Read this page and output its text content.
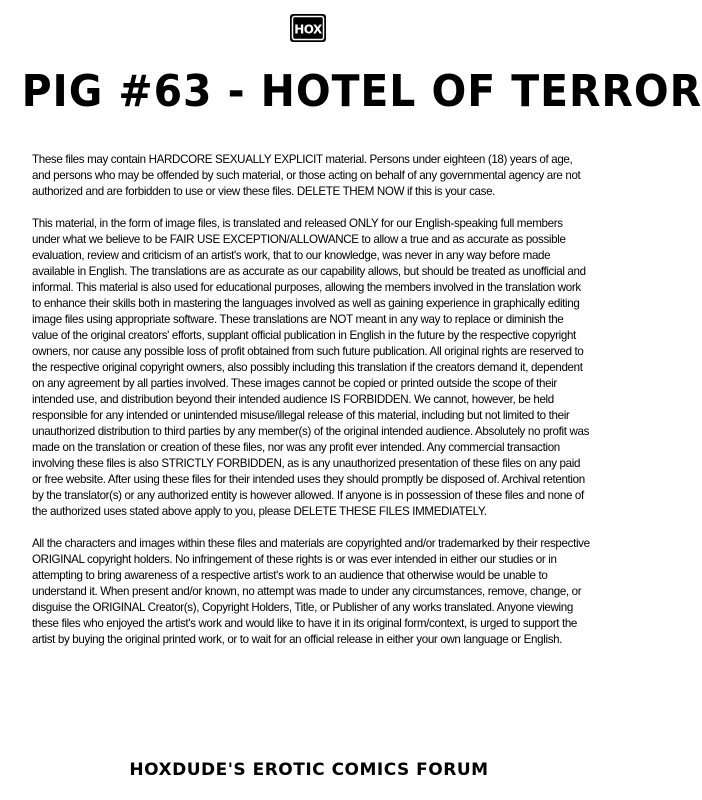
HOX
PIG #63 - HOTEL OF TERROR

These files may contain HARDCORE SEXUALLY EXPLICIT material. Persons under eighteen (18) years of age, and persons who may be offended by such material, or those acting on behalf of any governmental agency are not authorized and are forbidden to use or view these files. DELETE THEM NOW if this is your case.

This material, in the form of image files, is translated and released ONLY for our English-speaking full members under what we believe to be FAIR USE EXCEPTION/ALLOWANCE to allow a true and as accurate as possible evaluation, review and criticism of an artist's work, that to our knowledge, was never in any way before made available in English. The translations are as accurate as our capability allows, but should be treated as unofficial and informal. This material is also used for educational purposes, allowing the members involved in the translation work to enhance their skills both in mastering the languages involved as well as gaining experience in graphically editing image files using appropriate software. These translations are NOT meant in any way to replace or diminish the value of the original creators' efforts, supplant official publication in English in the future by the respective copyright owners, nor cause any possible loss of profit obtained from such future publication. All original rights are reserved to the respective original copyright owners, also possibly including this translation if the creators demand it, dependent on any agreement by all parties involved. These images cannot be copied or printed outside the scope of their intended use, and distribution beyond their intended audience IS FORBIDDEN. We cannot, however, be held responsible for any intended or unintended misuse/illegal release of this material, including but not limited to their unauthorized distribution to third parties by any member(s) of the original intended audience. Absolutely no profit was made on the translation or creation of these files, nor was any profit ever intended. Any commercial transaction involving these files is also STRICTLY FORBIDDEN, as is any unauthorized presentation of these files on any paid or free website. After using these files for their intended uses they should promptly be disposed of. Archival retention by the translator(s) or any authorized entity is however allowed. If anyone is in possession of these files and none of the authorized uses stated above apply to you, please DELETE THESE FILES IMMEDIATELY.

All the characters and images within these files and materials are copyrighted and/or trademarked by their respective ORIGINAL copyright holders. No infringement of these rights is or was ever intended in either our studies or in attempting to bring awareness of a respective artist's work to an audience that otherwise would be unable to understand it. When present and/or known, no attempt was made to under any circumstances, remove, change, or disguise the ORIGINAL Creator(s), Copyright Holders, Title, or Publisher of any works translated. Anyone viewing these files who enjoyed the artist's work and would like to have it in its original form/context, is urged to support the artist by buying the original printed work, or to wait for an official release in either your own language or English.

HOXDUDE'S EROTIC COMICS FORUM
